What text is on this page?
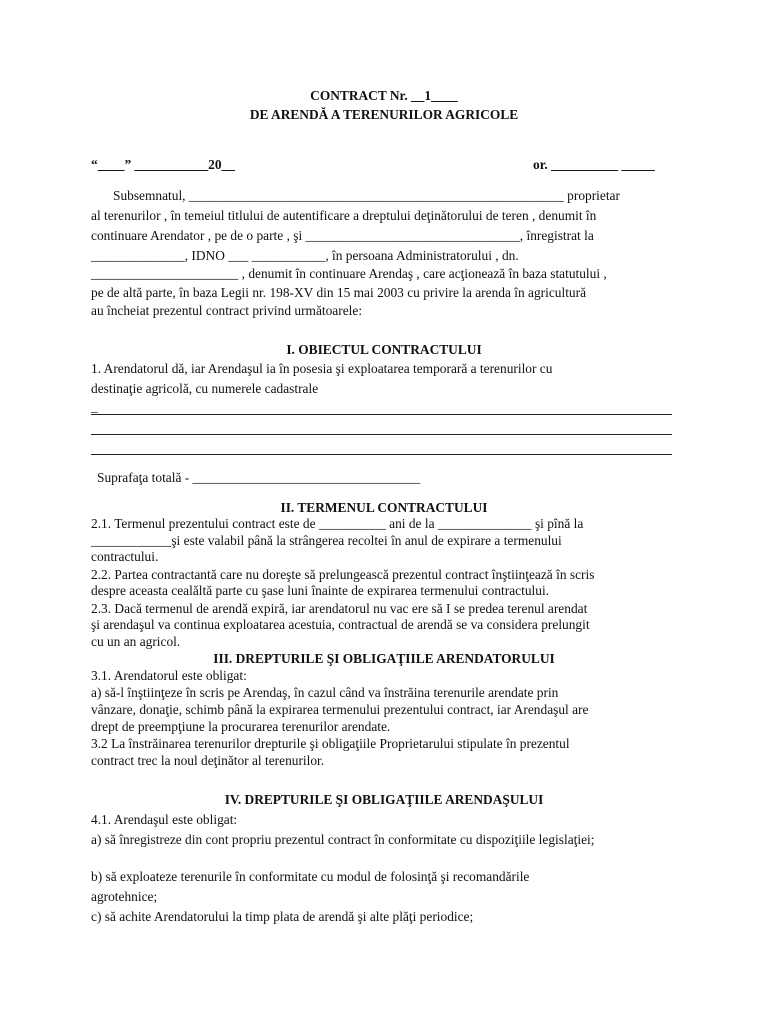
CONTRACT Nr. __1____
DE ARENDĂ A TERENURILOR AGRICOLE
“____” ___________20__	or. __________ _____
Subsemnatul, ________________________________________________________ proprietar
al terenurilor , în temeiul titlului de autentificare a dreptului deţinătorului de teren , denumit în
continuare Arendator , pe de o parte , şi ________________________________, înregistrat la
______________, IDNO ___ ___________, în persoana Administratorului , dn.
______________________ , denumit în continuare Arendaş , care acţionează în baza statutului ,
pe de altă parte, în baza Legii nr. 198-XV din 15 mai 2003 cu privire la arenda în agricultură
au încheiat prezentul contract privind următoarele:
I. OBIECTUL CONTRACTULUI
1. Arendatorul dă, iar Arendaşul ia în posesia şi exploatarea temporară a terenurilor cu
destinaţie agricolă, cu numerele cadastrale
_
Suprafaţa totală - __________________________________
II. TERMENUL CONTRACTULUI
2.1. Termenul prezentului contract este de __________ ani de la ______________ şi pînă la
____________şi este valabil până la strângerea recoltei în anul de expirare a termenului
contractului.
2.2. Partea contractantă care nu doreşte să prelungească prezentul contract înştiinţează în scris
despre aceasta cealăltă parte cu şase luni înainte de expirarea termenului contractului.
2.3. Dacă termenul de arendă expiră, iar arendatorul nu vac ere să I se predea terenul arendat
şi arendaşul va continua exploatarea acestuia, contractual de arendă se va considera prelungit
cu un an agricol.
III. DREPTURILE ŞI OBLIGAŢIILE ARENDATORULUI
3.1. Arendatorul este obligat:
a) să-l înştiinţeze în scris pe Arendaş, în cazul când va înstrăina terenurile arendate prin
vânzare, donaţie, schimb până la expirarea termenului prezentului contract, iar Arendaşul are
drept de preempţiune la procurarea terenurilor arendate.
3.2 La înstrăinarea terenurilor drepturile şi obligaţiile Proprietarului stipulate în prezentul
contract trec la noul deţinător al terenurilor.
IV. DREPTURILE ŞI OBLIGAŢIILE ARENDAŞULUI
4.1. Arendaşul este obligat:
a) să înregistreze din cont propriu prezentul contract în conformitate cu dispoziţiile legislaţiei;
b) să exploateze terenurile în conformitate cu modul de folosinţă şi recomandările
agrotehnice;
c) să achite Arendatorului la timp plata de arendă şi alte plăţi periodice;
